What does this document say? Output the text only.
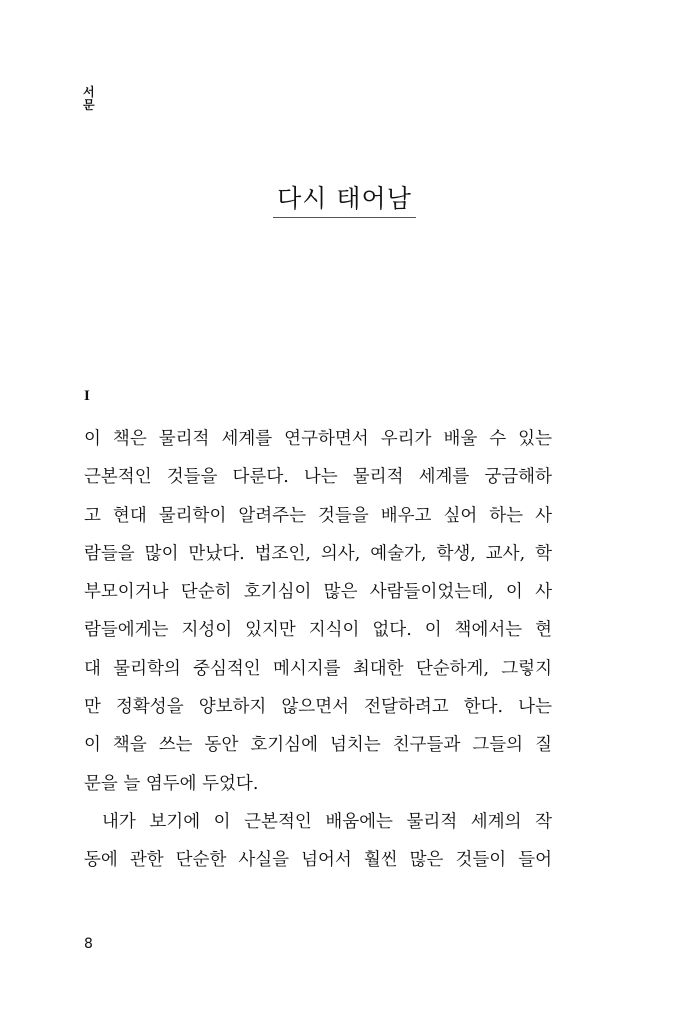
서문
다시 태어남
I

이 책은 물리적 세계를 연구하면서 우리가 배울 수 있는
근본적인 것들을 다룬다. 나는 물리적 세계를 궁금해하
고 현대 물리학이 알려주는 것들을 배우고 싶어 하는 사
람들을 많이 만났다. 법조인, 의사, 예술가, 학생, 교사, 학
부모이거나 단순히 호기심이 많은 사람들이었는데, 이 사
람들에게는 지성이 있지만 지식이 없다. 이 책에서는 현
대 물리학의 중심적인 메시지를 최대한 단순하게, 그렇지
만 정확성을 양보하지 않으면서 전달하려고 한다. 나는
이 책을 쓰는 동안 호기심에 넘치는 친구들과 그들의 질
문을 늘 염두에 두었다.

내가 보기에 이 근본적인 배움에는 물리적 세계의 작
동에 관한 단순한 사실을 넘어서 훨씬 많은 것들이 들어

8
